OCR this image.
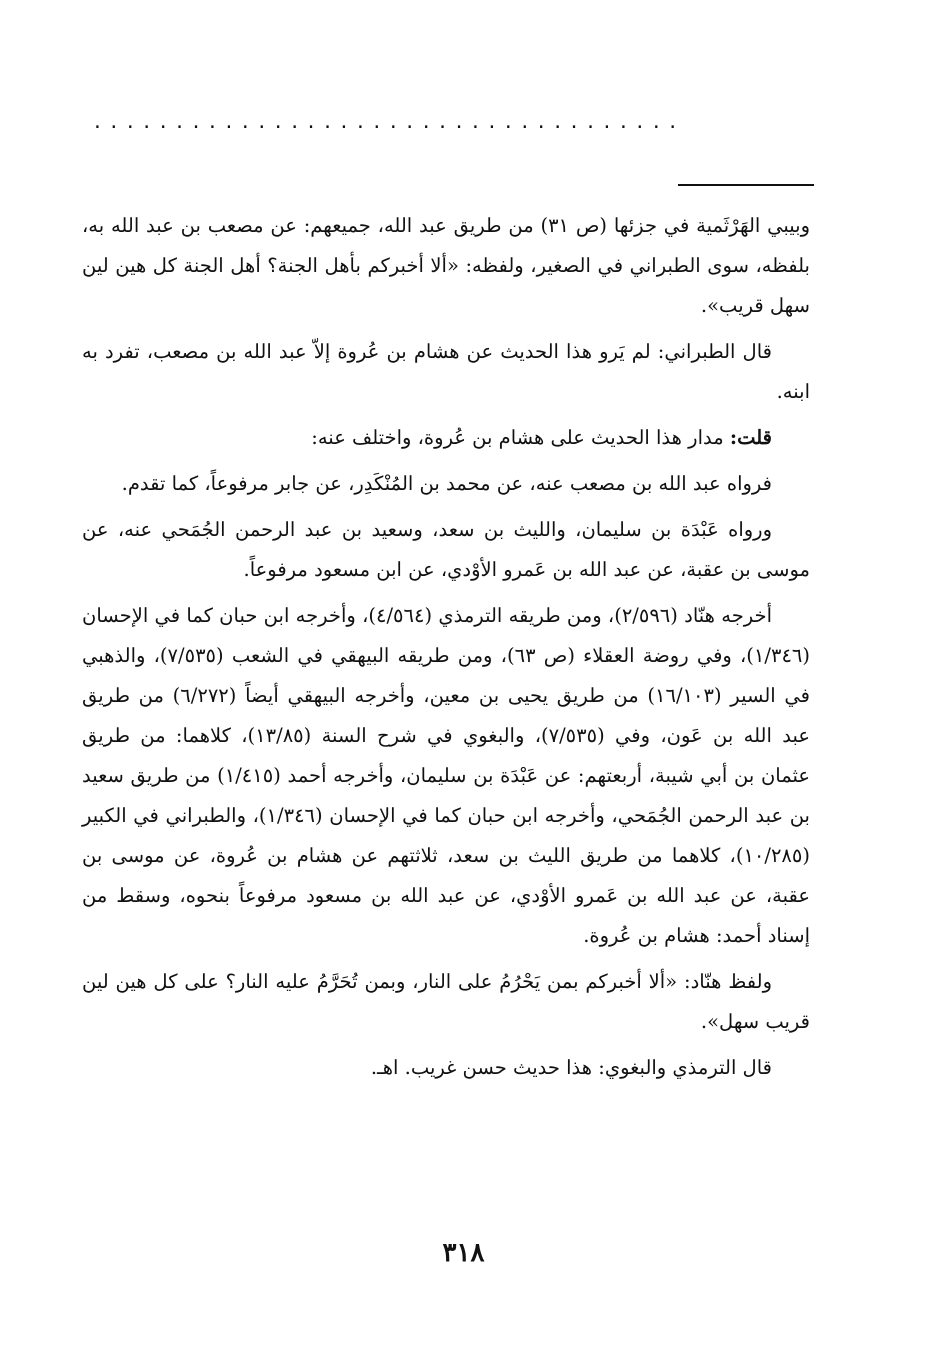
....................................

وبيبي الهَرْثَمية في جزئها (ص ٣١) من طريق عبد الله، جميعهم: عن مصعب بن عبد الله به، بلفظه، سوى الطبراني في الصغير، ولفظه: «ألا أخبركم بأهل الجنة؟ أهل الجنة كل هين لين سهل قريب».

قال الطبراني: لم يَرو هذا الحديث عن هشام بن عُروة إلاّ عبد الله بن مصعب، تفرد به ابنه.

قلت: مدار هذا الحديث على هشام بن عُروة، واختلف عنه:

فرواه عبد الله بن مصعب عنه، عن محمد بن المُنْكَدِر، عن جابر مرفوعاً، كما تقدم.

ورواه عَبْدَة بن سليمان، والليث بن سعد، وسعيد بن عبد الرحمن الجُمَحي عنه، عن موسى بن عقبة، عن عبد الله بن عَمرو الأوْدي، عن ابن مسعود مرفوعاً.

أخرجه هنّاد (٢/٥٩٦)، ومن طريقه الترمذي (٤/٥٦٤)، وأخرجه ابن حبان كما في الإحسان (١/٣٤٦)، وفي روضة العقلاء (ص ٦٣)، ومن طريقه البيهقي في الشعب (٧/٥٣٥)، والذهبي في السير (١٦/١٠٣) من طريق يحيى بن معين، وأخرجه البيهقي أيضاً (٦/٢٧٢) من طريق عبد الله بن عَون، وفي (٧/٥٣٥)، والبغوي في شرح السنة (١٣/٨٥)، كلاهما: من طريق عثمان بن أبي شيبة، أربعتهم: عن عَبْدَة بن سليمان، وأخرجه أحمد (١/٤١٥) من طريق سعيد بن عبد الرحمن الجُمَحي، وأخرجه ابن حبان كما في الإحسان (١/٣٤٦)، والطبراني في الكبير (١٠/٢٨٥)، كلاهما من طريق الليث بن سعد، ثلاثتهم عن هشام بن عُروة، عن موسى بن عقبة، عن عبد الله بن عَمرو الأوْدي، عن عبد الله بن مسعود مرفوعاً بنحوه، وسقط من إسناد أحمد: هشام بن عُروة.

ولفظ هنّاد: «ألا أخبركم بمن يَحْرُمُ على النار، وبمن تُحَرَّمُ عليه النار؟ على كل هين لين قريب سهل».

قال الترمذي والبغوي: هذا حديث حسن غريب. اهـ.

٣١٨
